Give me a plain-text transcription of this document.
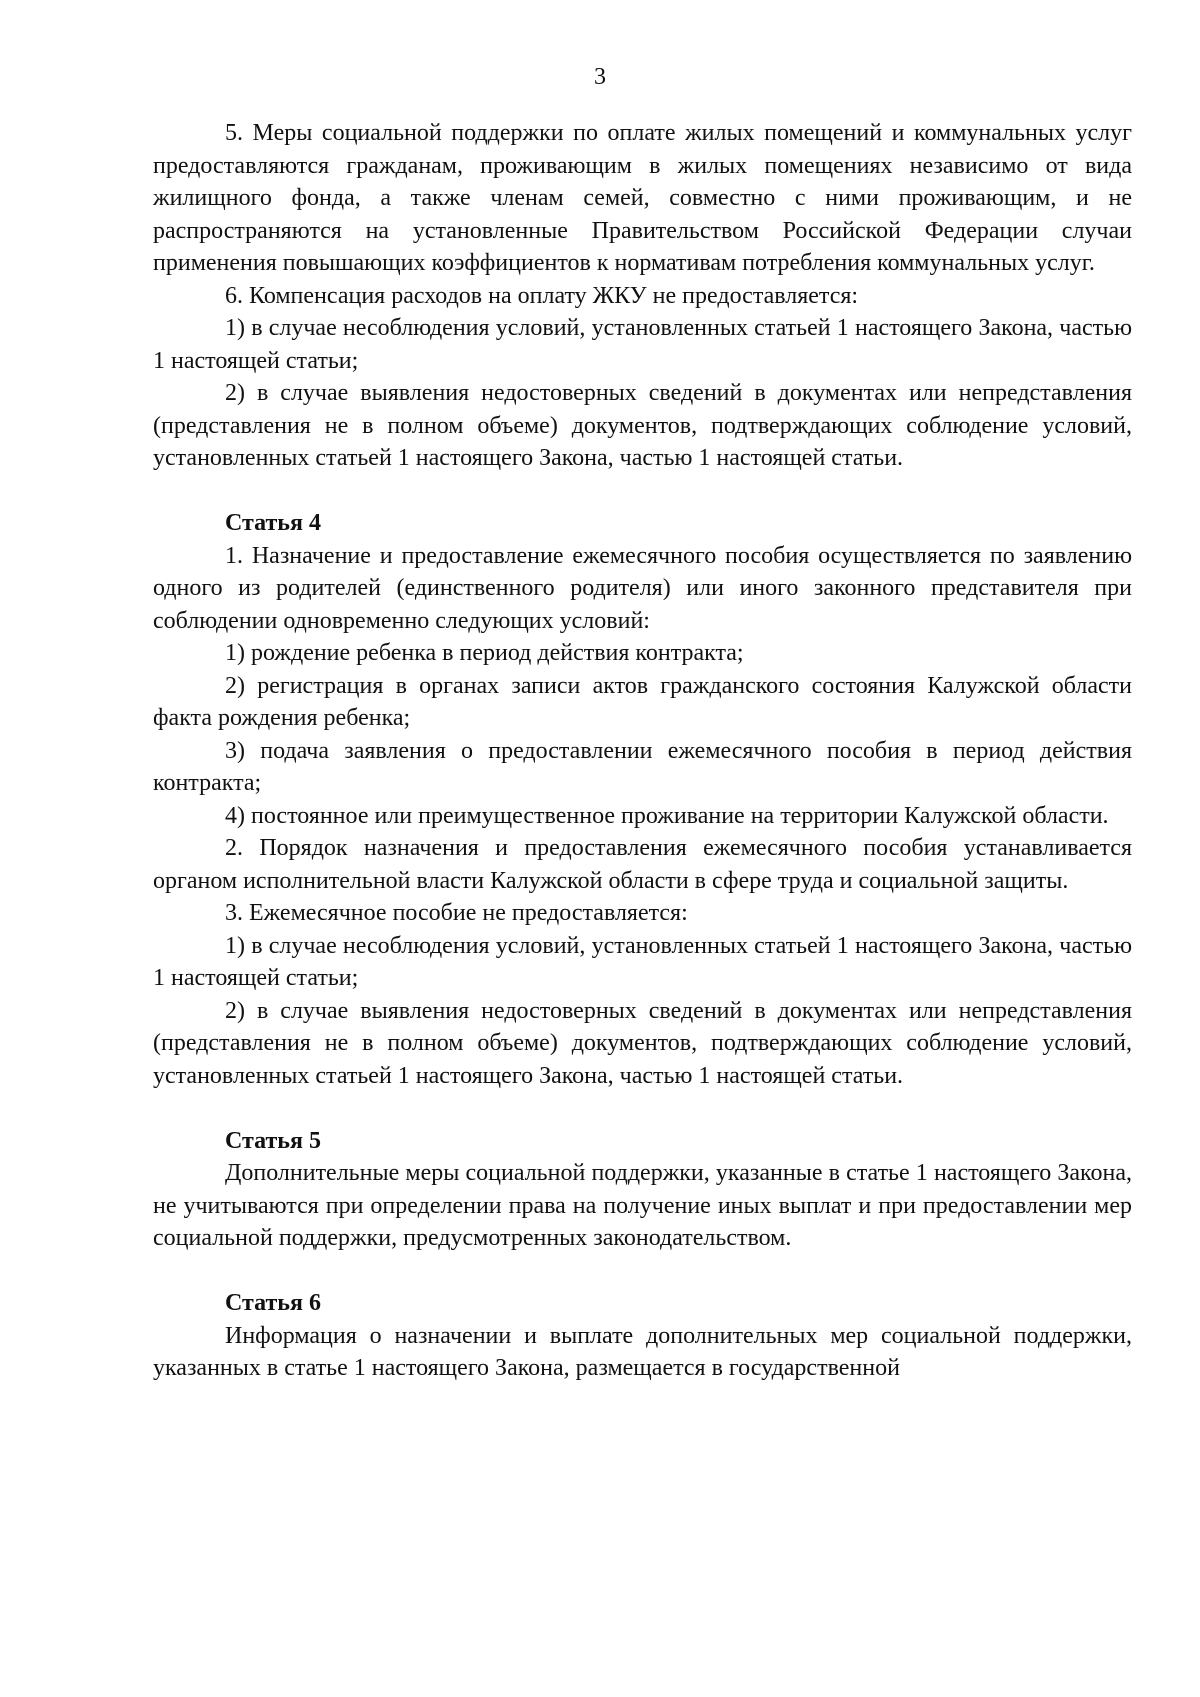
3

5. Меры социальной поддержки по оплате жилых помещений и коммунальных услуг предоставляются гражданам, проживающим в жилых помещениях независимо от вида жилищного фонда, а также членам семей, совместно с ними проживающим, и не распространяются на установленные Правительством Российской Федерации случаи применения повышающих коэффициентов к нормативам потребления коммунальных услуг.

6. Компенсация расходов на оплату ЖКУ не предоставляется:

1) в случае несоблюдения условий, установленных статьей 1 настоящего Закона, частью 1 настоящей статьи;

2) в случае выявления недостоверных сведений в документах или непредставления (представления не в полном объеме) документов, подтверждающих соблюдение условий, установленных статьей 1 настоящего Закона, частью 1 настоящей статьи.

Статья 4

1. Назначение и предоставление ежемесячного пособия осуществляется по заявлению одного из родителей (единственного родителя) или иного законного представителя при соблюдении одновременно следующих условий:

1) рождение ребенка в период действия контракта;

2) регистрация в органах записи актов гражданского состояния Калужской области факта рождения ребенка;

3) подача заявления о предоставлении ежемесячного пособия в период действия контракта;

4) постоянное или преимущественное проживание на территории Калужской области.

2. Порядок назначения и предоставления ежемесячного пособия устанавливается органом исполнительной власти Калужской области в сфере труда и социальной защиты.

3. Ежемесячное пособие не предоставляется:

1) в случае несоблюдения условий, установленных статьей 1 настоящего Закона, частью 1 настоящей статьи;

2) в случае выявления недостоверных сведений в документах или непредставления (представления не в полном объеме) документов, подтверждающих соблюдение условий, установленных статьей 1 настоящего Закона, частью 1 настоящей статьи.

Статья 5

Дополнительные меры социальной поддержки, указанные в статье 1 настоящего Закона, не учитываются при определении права на получение иных выплат и при предоставлении мер социальной поддержки, предусмотренных законодательством.

Статья 6

Информация о назначении и выплате дополнительных мер социальной поддержки, указанных в статье 1 настоящего Закона, размещается в государственной
